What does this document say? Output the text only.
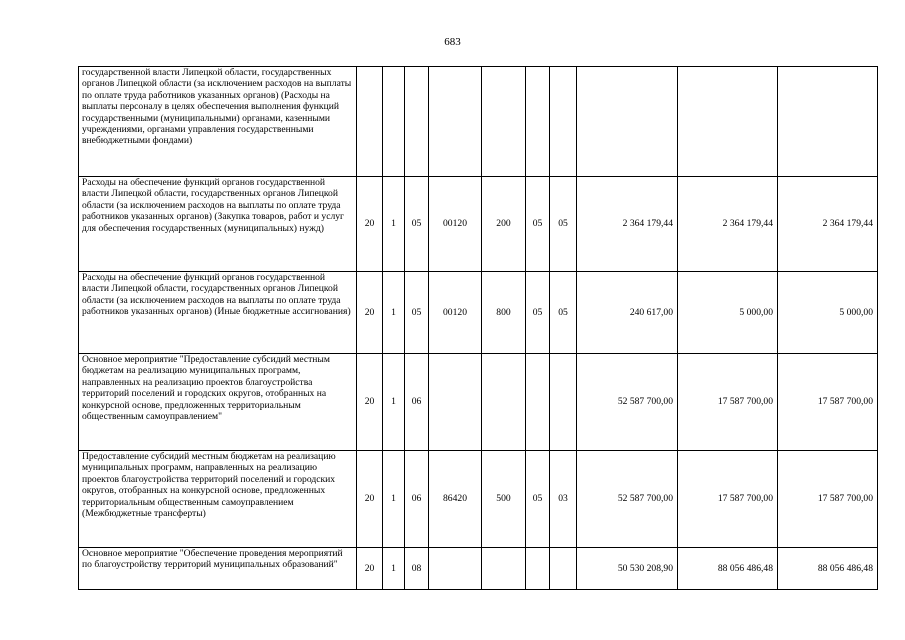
683
государственной власти Липецкой области, государственных органов Липецкой области (за исключением расходов на выплаты по оплате труда работников указанных органов) (Расходы на выплаты персоналу в целях обеспечения выполнения функций государственными (муниципальными) органами, казенными учреждениями, органами управления государственными внебюджетными фондами)										
Расходы на обеспечение функций органов государственной власти Липецкой области, государственных органов Липецкой области (за исключением расходов на выплаты по оплате труда работников указанных органов) (Закупка товаров, работ и услуг для обеспечения государственных (муниципальных) нужд)	20	1	05	00120	200	05	05	2 364 179,44	2 364 179,44	2 364 179,44
Расходы на обеспечение функций органов государственной власти Липецкой области, государственных органов Липецкой области (за исключением расходов на выплаты по оплате труда работников указанных органов) (Иные бюджетные ассигнования)	20	1	05	00120	800	05	05	240 617,00	5 000,00	5 000,00
Основное мероприятие "Предоставление субсидий местным бюджетам на реализацию муниципальных программ, направленных на реализацию проектов благоустройства территорий поселений и городских округов, отобранных на конкурсной основе, предложенных территориальным общественным самоуправлением"	20	1	06					52 587 700,00	17 587 700,00	17 587 700,00
Предоставление субсидий местным бюджетам на реализацию муниципальных программ, направленных на реализацию проектов благоустройства территорий поселений и городских округов, отобранных на конкурсной основе, предложенных территориальным общественным самоуправлением (Межбюджетные трансферты)	20	1	06	86420	500	05	03	52 587 700,00	17 587 700,00	17 587 700,00
Основное мероприятие "Обеспечение проведения мероприятий по благоустройству территорий муниципальных образований"	20	1	08					50 530 208,90	88 056 486,48	88 056 486,48
